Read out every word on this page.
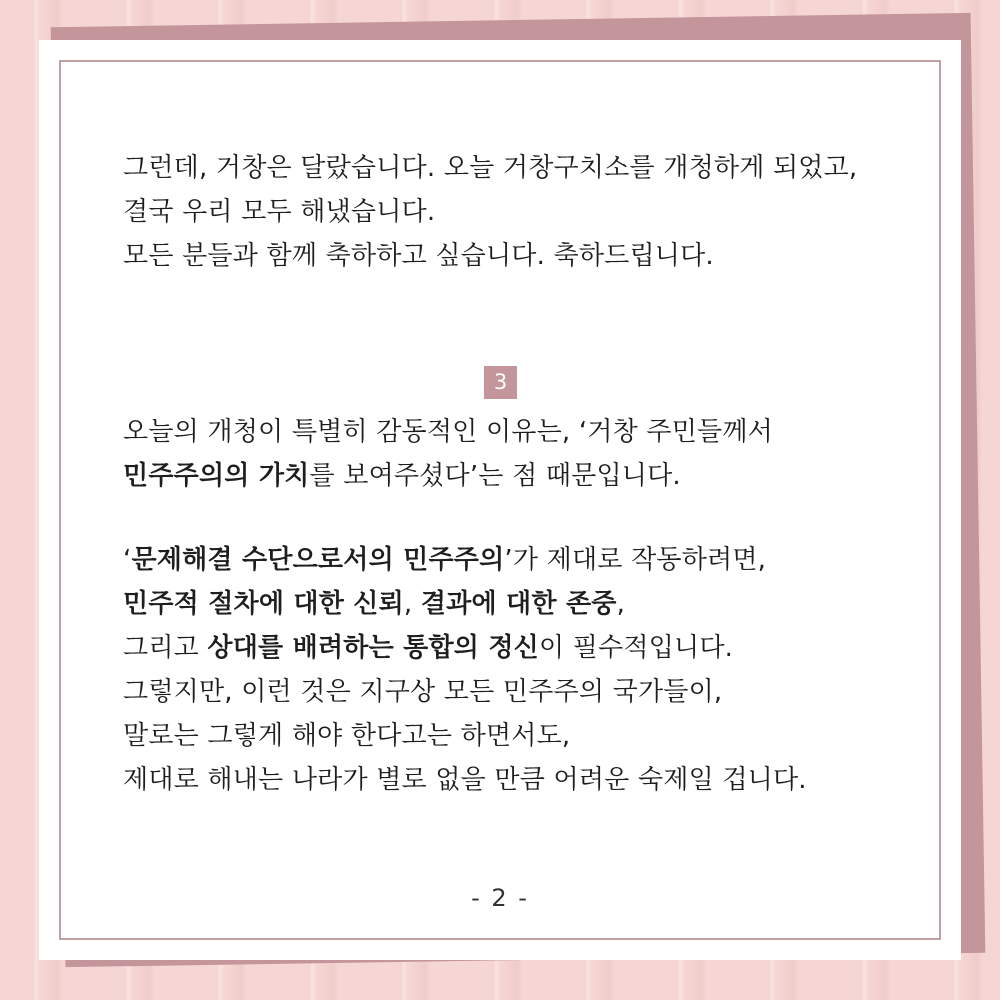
그런데, 거창은 달랐습니다. 오늘 거창구치소를 개청하게 되었고,

결국 우리 모두 해냈습니다.

모든 분들과 함께 축하하고 싶습니다. 축하드립니다.

3

오늘의 개청이 특별히 감동적인 이유는, ‘거창 주민들께서

민주주의의 가치를 보여주셨다’는 점 때문입니다.

‘문제해결 수단으로서의 민주주의’가 제대로 작동하려면,

민주적 절차에 대한 신뢰, 결과에 대한 존중,

그리고 상대를 배려하는 통합의 정신이 필수적입니다.

그렇지만, 이런 것은 지구상 모든 민주주의 국가들이,

말로는 그렇게 해야 한다고는 하면서도,

제대로 해내는 나라가 별로 없을 만큼 어려운 숙제일 겁니다.

- 2 -
